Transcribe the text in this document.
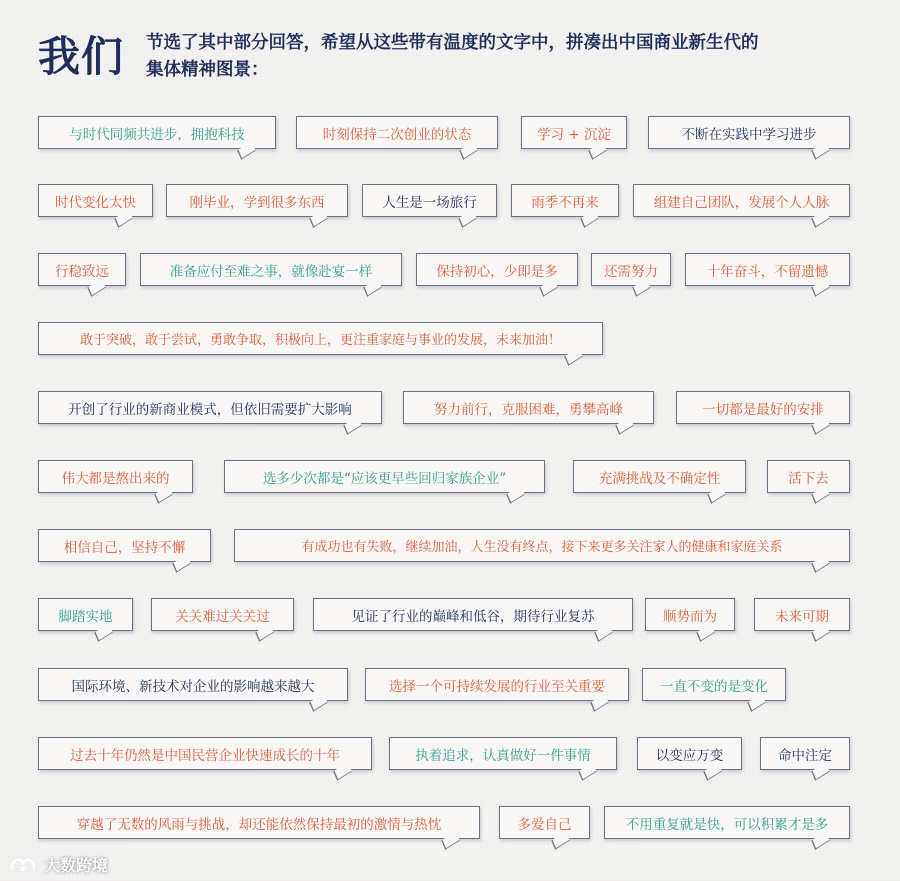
我们 节选了其中部分回答，希望从这些带有温度的文字中，拼凑出中国商业新生代的
集体精神图景：
与时代同频共进步，拥抱科技	时刻保持二次创业的状态	学习 + 沉淀	不断在实践中学习进步
时代变化太快	刚毕业，学到很多东西	人生是一场旅行	雨季不再来	组建自己团队，发展个人人脉
行稳致远	准备应付至难之事，就像赴宴一样	保持初心，少即是多	还需努力	十年奋斗，不留遗憾
敢于突破，敢于尝试，勇敢争取，积极向上，更注重家庭与事业的发展，未来加油！
开创了行业的新商业模式，但依旧需要扩大影响	努力前行，克服困难，勇攀高峰	一切都是最好的安排
伟大都是熬出来的	选多少次都是“应该更早些回归家族企业”	充满挑战及不确定性	活下去
相信自己，坚持不懈	有成功也有失败，继续加油，人生没有终点，接下来更多关注家人的健康和家庭关系
脚踏实地	关关难过关关过	见证了行业的巅峰和低谷，期待行业复苏	顺势而为	未来可期
国际环境、新技术对企业的影响越来越大	选择一个可持续发展的行业至关重要	一直不变的是变化
过去十年仍然是中国民营企业快速成长的十年	执着追求，认真做好一件事情	以变应万变	命中注定
穿越了无数的风雨与挑战，却还能依然保持最初的激情与热忱	多爱自己	不用重复就是快，可以积累才是多
大数跨境
